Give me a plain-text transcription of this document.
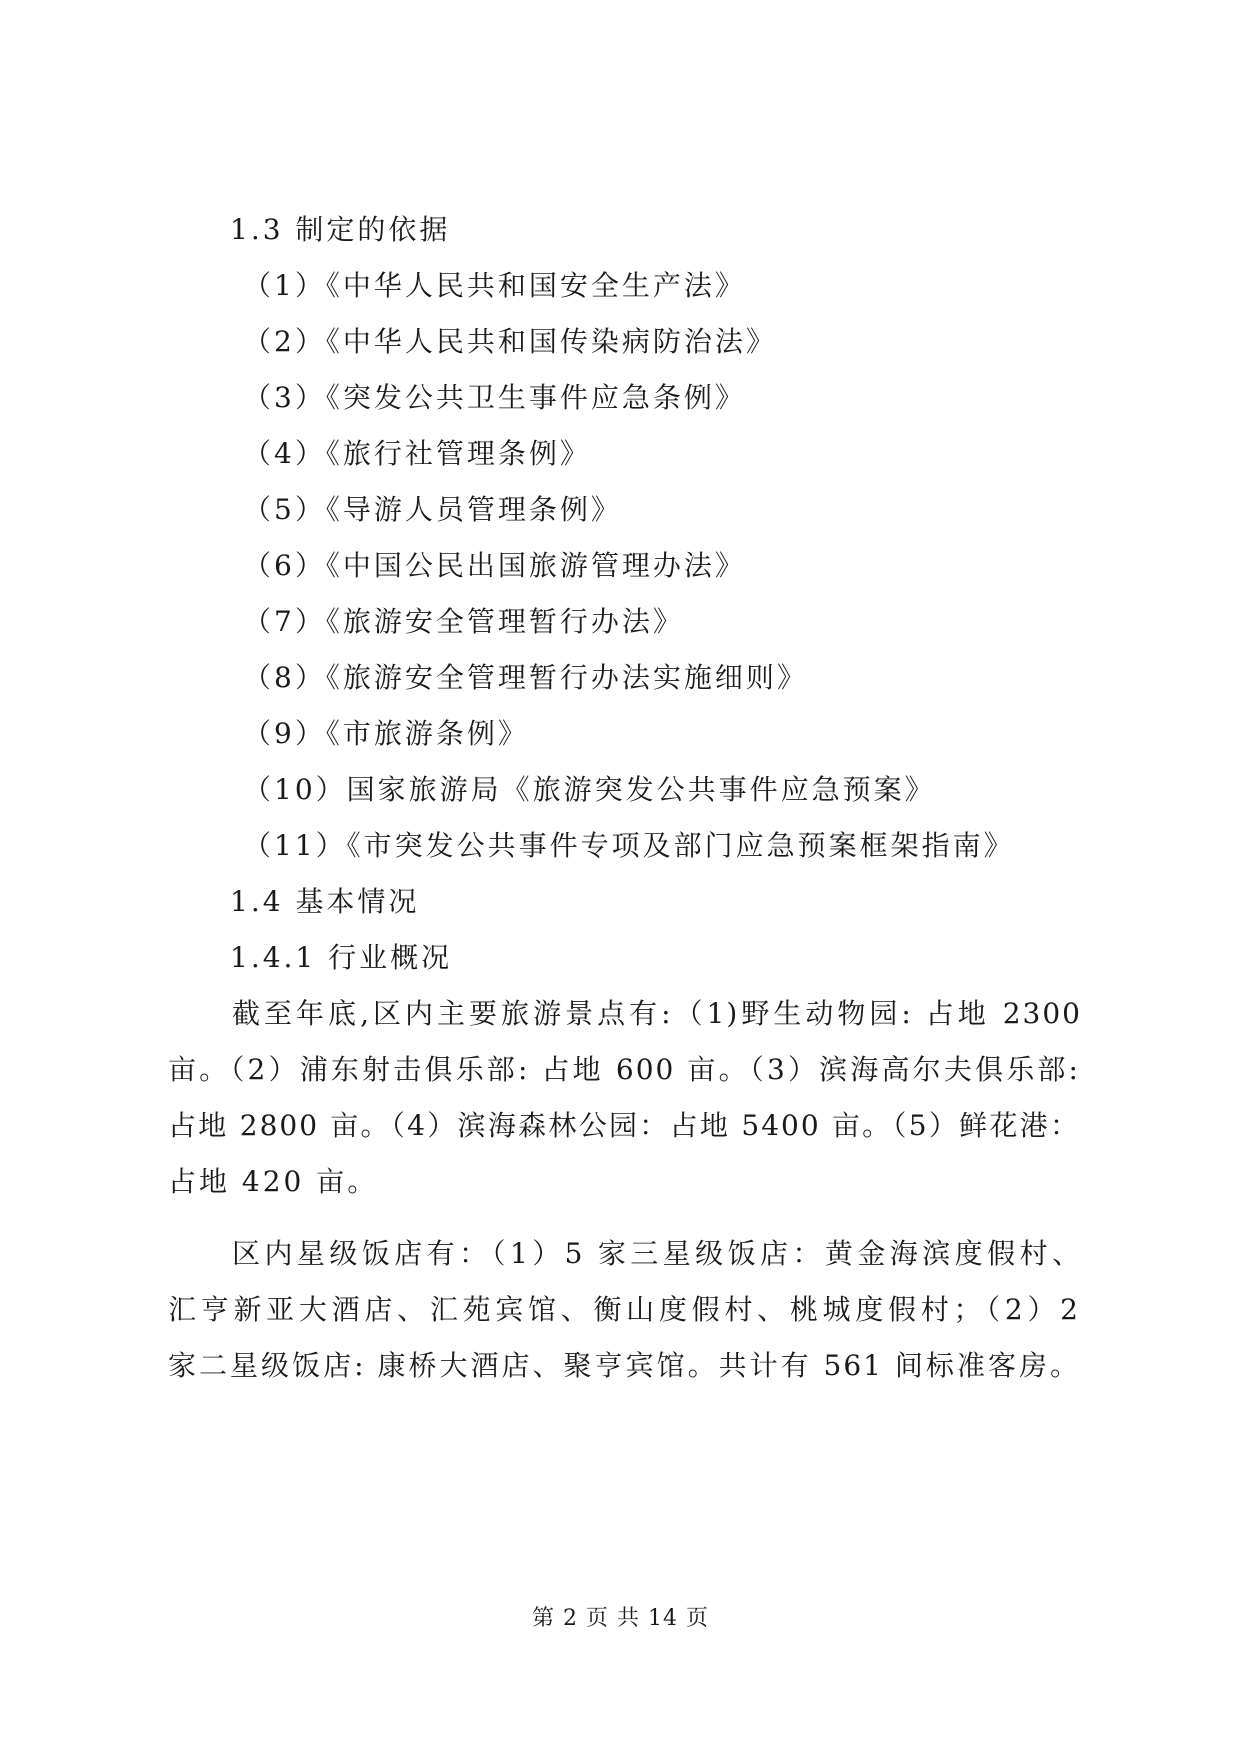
1.3 制定的依据
（1）《中华人民共和国安全生产法》
（2）《中华人民共和国传染病防治法》
（3）《突发公共卫生事件应急条例》
（4）《旅行社管理条例》
（5）《导游人员管理条例》
（6）《中国公民出国旅游管理办法》
（7）《旅游安全管理暂行办法》
（8）《旅游安全管理暂行办法实施细则》
（9）《市旅游条例》
（10）国家旅游局《旅游突发公共事件应急预案》
（11）《市突发公共事件专项及部门应急预案框架指南》
1.4 基本情况
1.4.1 行业概况
截至年底,区内主要旅游景点有:（1)野生动物园: 占地 2300
亩。（2）浦东射击俱乐部: 占地 600 亩。（3）滨海高尔夫俱乐部:
占地 2800 亩。（4）滨海森林公园：占地 5400 亩。（5）鲜花港：
占地 420 亩。
区内星级饭店有：（1）5 家三星级饭店：黄金海滨度假村、
汇亨新亚大酒店、汇苑宾馆、衡山度假村、桃城度假村；（2）2
家二星级饭店: 康桥大酒店、聚亨宾馆。共计有 561 间标准客房。
第 2 页 共 14 页
